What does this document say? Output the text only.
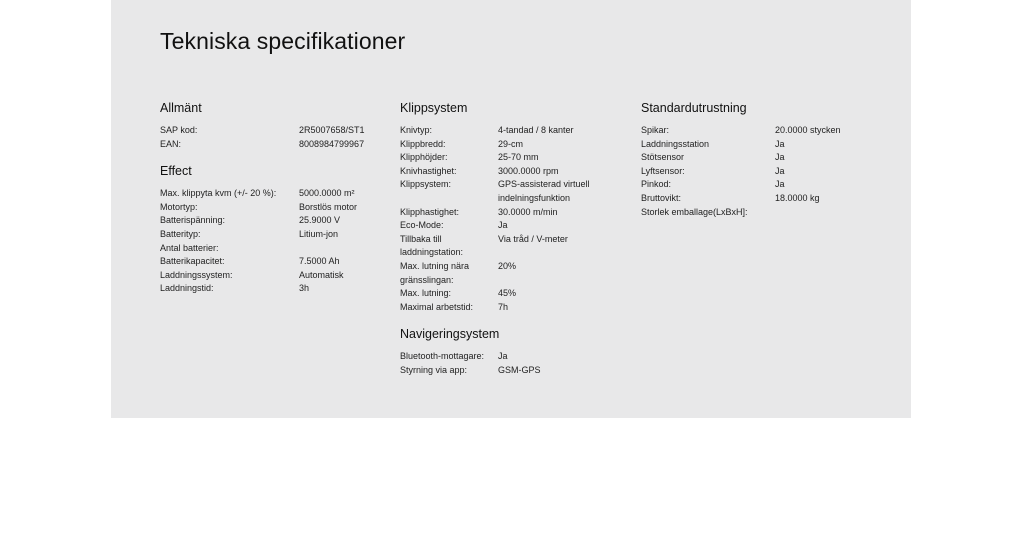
Tekniska specifikationer
Allmänt
SAP kod:	2R5007658/ST1
EAN:	8008984799967
Effect
Max. klippyta kvm (+/- 20 %):	5000.0000 m²
Motortyp:	Borstlös motor
Batterispänning:	25.9000 V
Batterityp:	Litium-jon
Antal batterier:
Batterikapacitet:	7.5000 Ah
Laddningssystem:	Automatisk
Laddningstid:	3h
Klippsystem
Knivtyp:	4-tandad / 8 kanter
Klippbredd:	29-cm
Klipphöjder:	25-70 mm
Knivhastighet:	3000.0000 rpm
Klippsystem:	GPS-assisterad virtuell indelningsfunktion
Klipphastighet:	30.0000 m/min
Eco-Mode:	Ja
Tillbaka till laddningstation:
Via tråd / V-meter
Max. lutning nära gränsslingan:
20%
Max. lutning:	45%
Maximal arbetstid:	7h
Navigeringsystem
Bluetooth-mottagare:	Ja
Styrning via app:	GSM-GPS
Standardutrustning
Spikar:	20.0000 stycken
Laddningsstation	Ja
Stötsensor	Ja
Lyftsensor:	Ja
Pinkod:	Ja
Bruttovikt:	18.0000 kg
Storlek emballage(LxBxH]:
